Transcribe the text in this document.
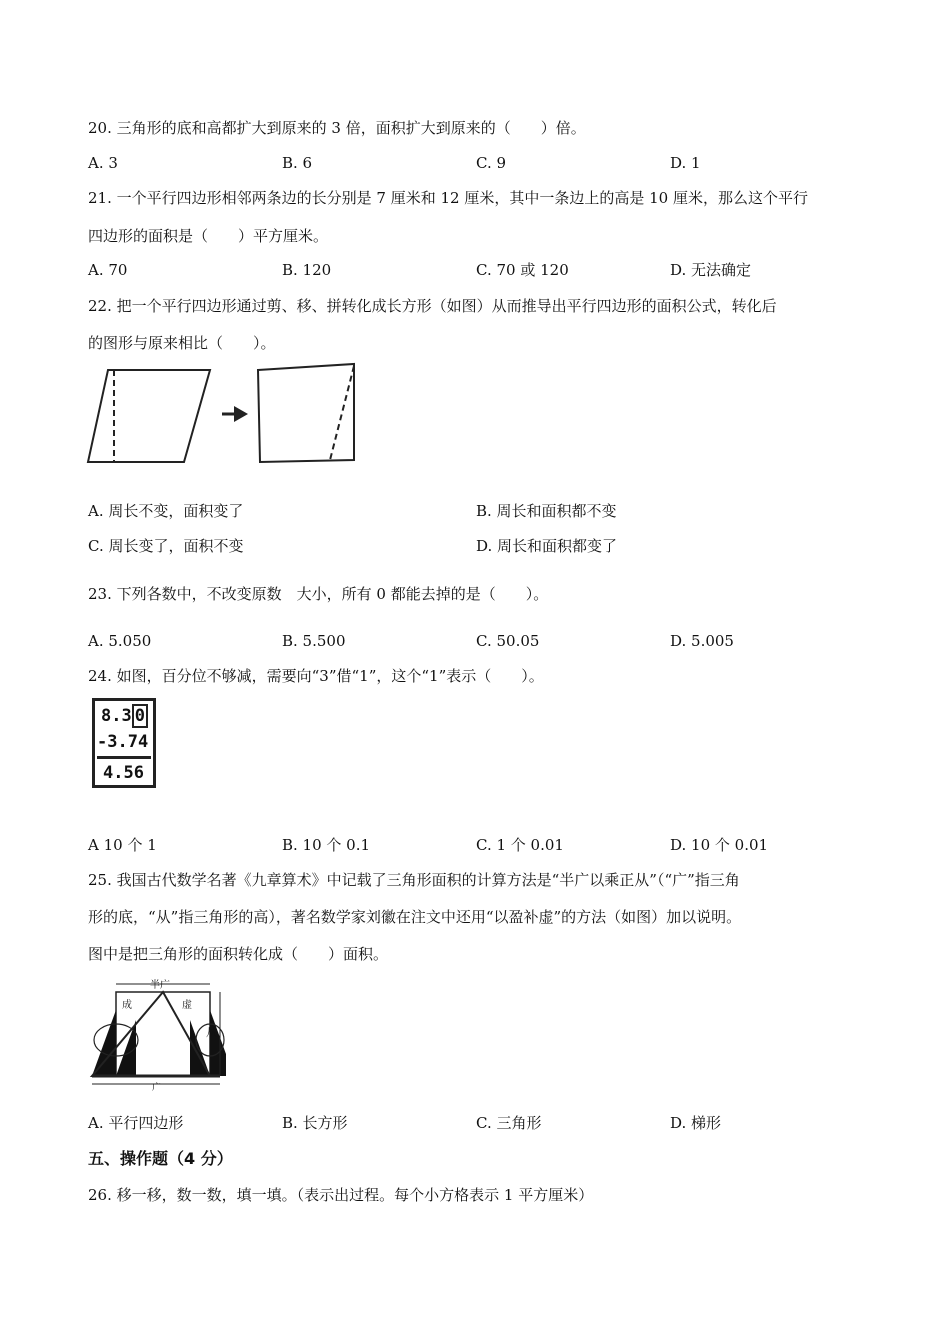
20. 三角形的底和高都扩大到原来的 3 倍，面积扩大到原来的（　　）倍。
A. 3	B. 6	C. 9	D. 1
21. 一个平行四边形相邻两条边的长分别是 7 厘米和 12 厘米，其中一条边上的高是 10 厘米，那么这个平行
四边形的面积是（　　）平方厘米。
A. 70	B. 120	C. 70 或 120	D. 无法确定
22. 把一个平行四边形通过剪、移、拼转化成长方形（如图）从而推导出平行四边形的面积公式，转化后
的图形与原来相比（　　）。
A. 周长不变，面积变了	B. 周长和面积都不变
C. 周长变了，面积不变	D. 周长和面积都变了
23. 下列各数中，不改变原数　大小，所有 0 都能去掉的是（　　）。
A. 5.050	B. 5.500	C. 50.05	D. 5.005
24. 如图，百分位不够减，需要向“3”借“1”，这个“1”表示（　　）。
8.3 0
-3.74
4.56
A 10 个 1	B. 10 个 0.1	C. 1 个 0.01	D. 10 个 0.01
25. 我国古代数学名著《九章算术》中记载了三角形面积的计算方法是“半广以乘正从”（“广”指三角
形的底，“从”指三角形的高），著名数学家刘徽在注文中还用“以盈补虚”的方法（如图）加以说明。
图中是把三角形的面积转化成（　　）面积。
半广
成	虚
从
广
A. 平行四边形	B. 长方形	C. 三角形	D. 梯形
五、操作题（4 分）
26. 移一移，数一数，填一填。（表示出过程。每个小方格表示 1 平方厘米）
